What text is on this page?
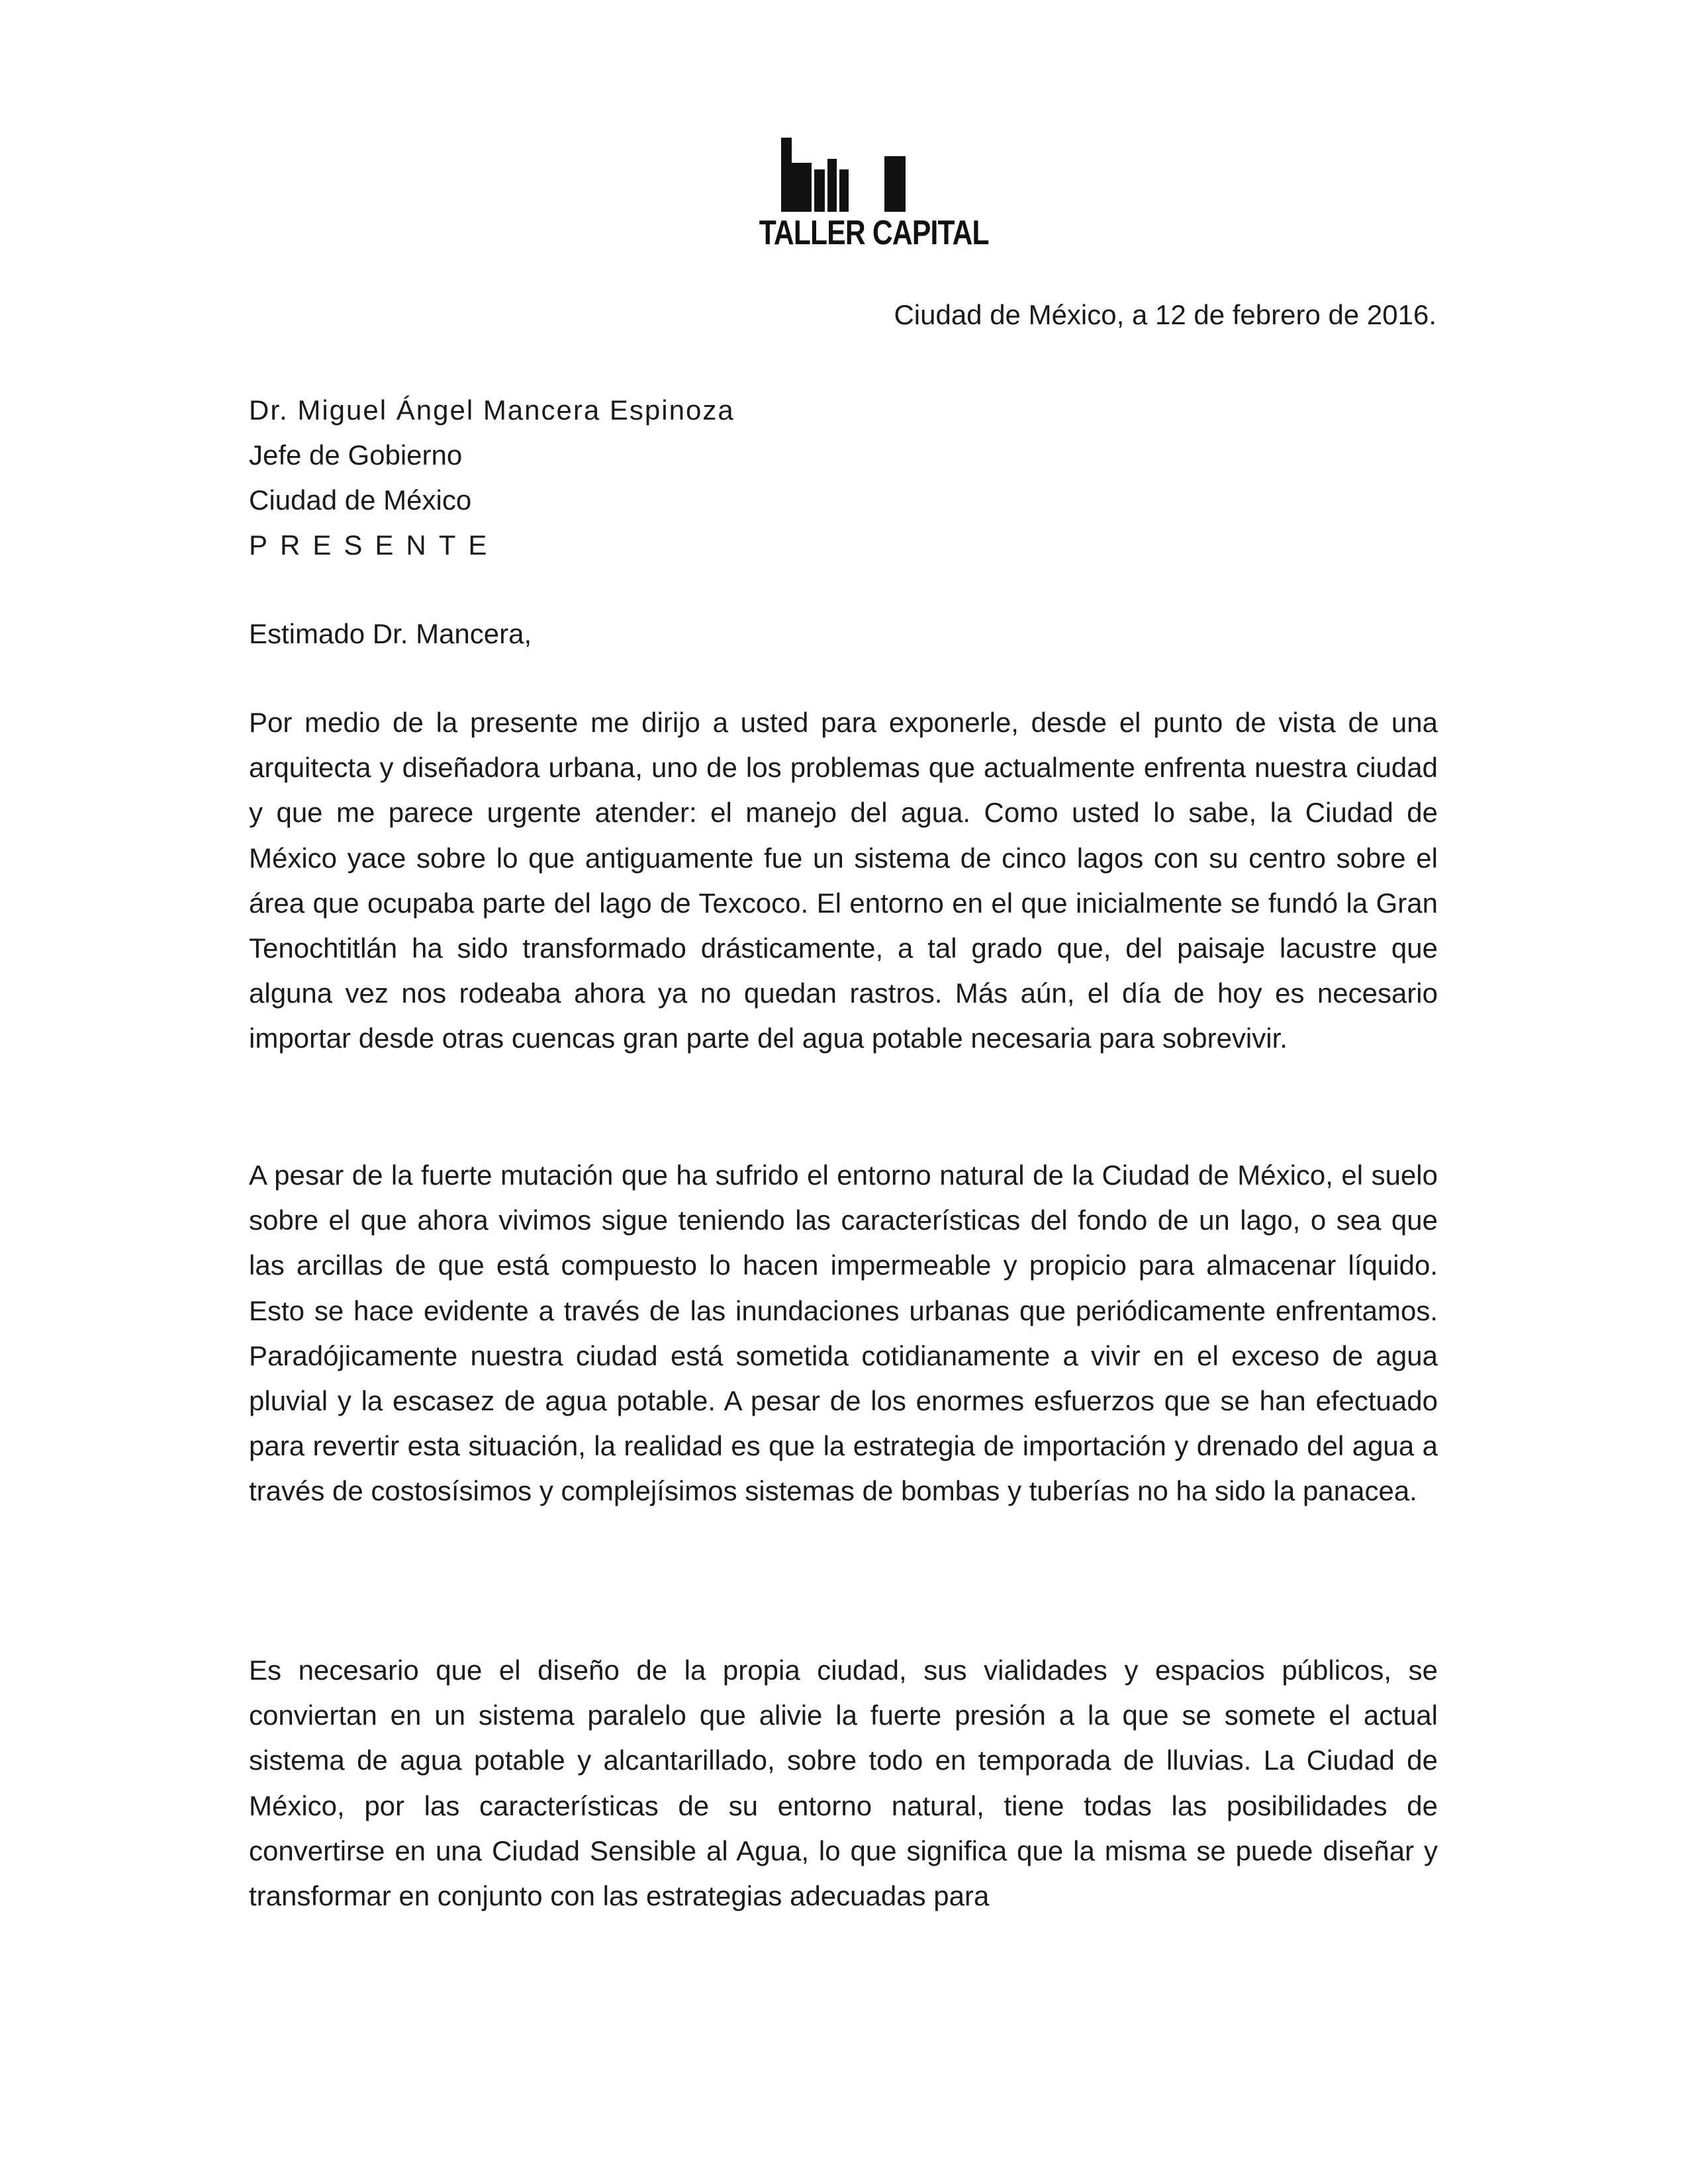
TALLER CAPITAL
Ciudad de México, a 12 de febrero de 2016.
Dr. Miguel Ángel Mancera Espinoza
Jefe de Gobierno
Ciudad de México
PRESENTE
Estimado Dr. Mancera,

Por medio de la presente me dirijo a usted para exponerle, desde el punto de vista de una arquitecta y diseñadora urbana, uno de los problemas que actualmente enfrenta nuestra ciudad y que me parece urgente atender: el manejo del agua. Como usted lo sabe, la Ciudad de México yace sobre lo que antiguamente fue un sistema de cinco lagos con su centro sobre el área que ocupaba parte del lago de Texcoco. El entorno en el que inicialmente se fundó la Gran Tenochtitlán ha sido transformado drásticamente, a tal grado que, del paisaje lacustre que alguna vez nos rodeaba ahora ya no quedan rastros. Más aún, el día de hoy es necesario importar desde otras cuencas gran parte del agua potable necesaria para sobrevivir.

A pesar de la fuerte mutación que ha sufrido el entorno natural de la Ciudad de México, el suelo sobre el que ahora vivimos sigue teniendo las características del fondo de un lago, o sea que las arcillas de que está compuesto lo hacen impermeable y propicio para almacenar líquido. Esto se hace evidente a través de las inundaciones urbanas que periódicamente enfrentamos. Paradójicamente nuestra ciudad está sometida cotidianamente a vivir en el exceso de agua pluvial y la escasez de agua potable. A pesar de los enormes esfuerzos que se han efectuado para revertir esta situación, la realidad es que la estrategia de importación y drenado del agua a través de costosísimos y complejísimos sistemas de bombas y tuberías no ha sido la panacea.

Es necesario que el diseño de la propia ciudad, sus vialidades y espacios públicos, se conviertan en un sistema paralelo que alivie la fuerte presión a la que se somete el actual sistema de agua potable y alcantarillado, sobre todo en temporada de lluvias. La Ciudad de México, por las características de su entorno natural, tiene todas las posibilidades de convertirse en una Ciudad Sensible al Agua, lo que significa que la misma se puede diseñar y transformar en conjunto con las estrategias adecuadas para
